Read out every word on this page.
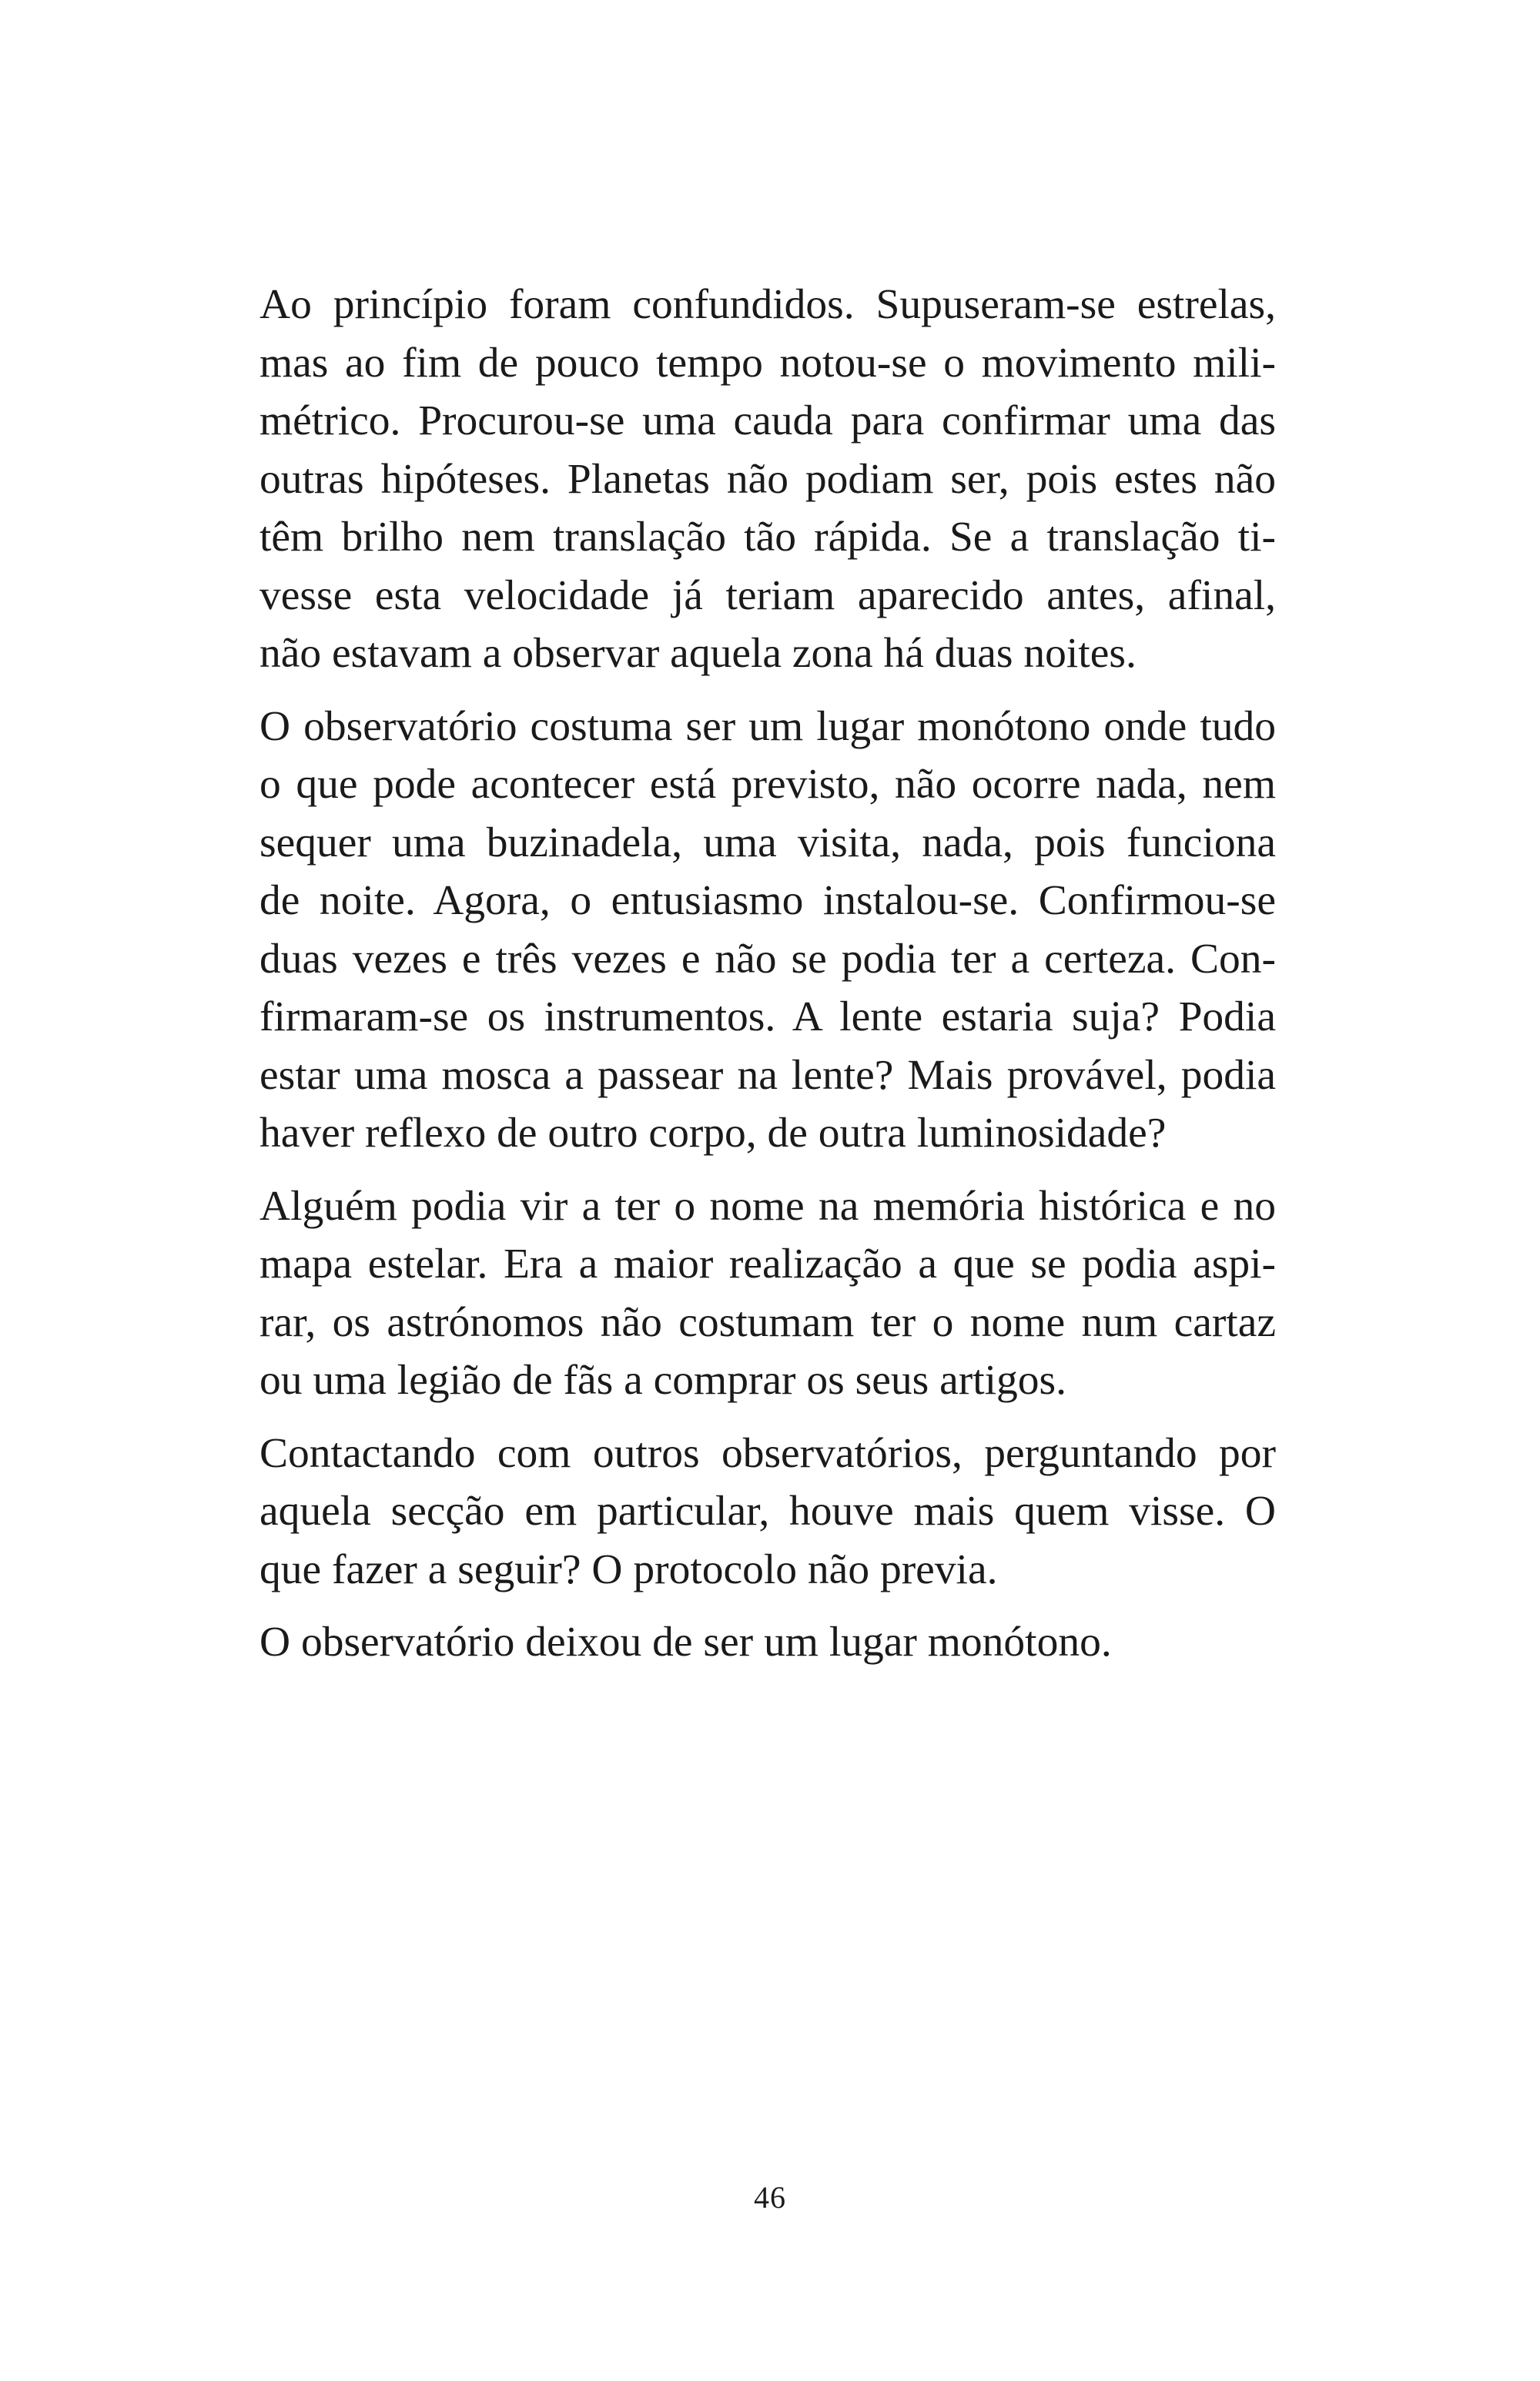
Ao princípio foram confundidos. Supuseram-se estrelas,
mas ao fim de pouco tempo notou-se o movimento mili-
métrico. Procurou-se uma cauda para confirmar uma das
outras hipóteses. Planetas não podiam ser, pois estes não
têm brilho nem translação tão rápida. Se a translação ti-
vesse esta velocidade já teriam aparecido antes, afinal,
não estavam a observar aquela zona há duas noites.

O observatório costuma ser um lugar monótono onde tudo
o que pode acontecer está previsto, não ocorre nada, nem
sequer uma buzinadela, uma visita, nada, pois funciona
de noite. Agora, o entusiasmo instalou-se. Confirmou-se
duas vezes e três vezes e não se podia ter a certeza. Con-
firmaram-se os instrumentos. A lente estaria suja? Podia
estar uma mosca a passear na lente? Mais provável, podia
haver reflexo de outro corpo, de outra luminosidade?

Alguém podia vir a ter o nome na memória histórica e no
mapa estelar. Era a maior realização a que se podia aspi-
rar, os astrónomos não costumam ter o nome num cartaz
ou uma legião de fãs a comprar os seus artigos.

Contactando com outros observatórios, perguntando por
aquela secção em particular, houve mais quem visse. O
que fazer a seguir? O protocolo não previa.

O observatório deixou de ser um lugar monótono.

46
